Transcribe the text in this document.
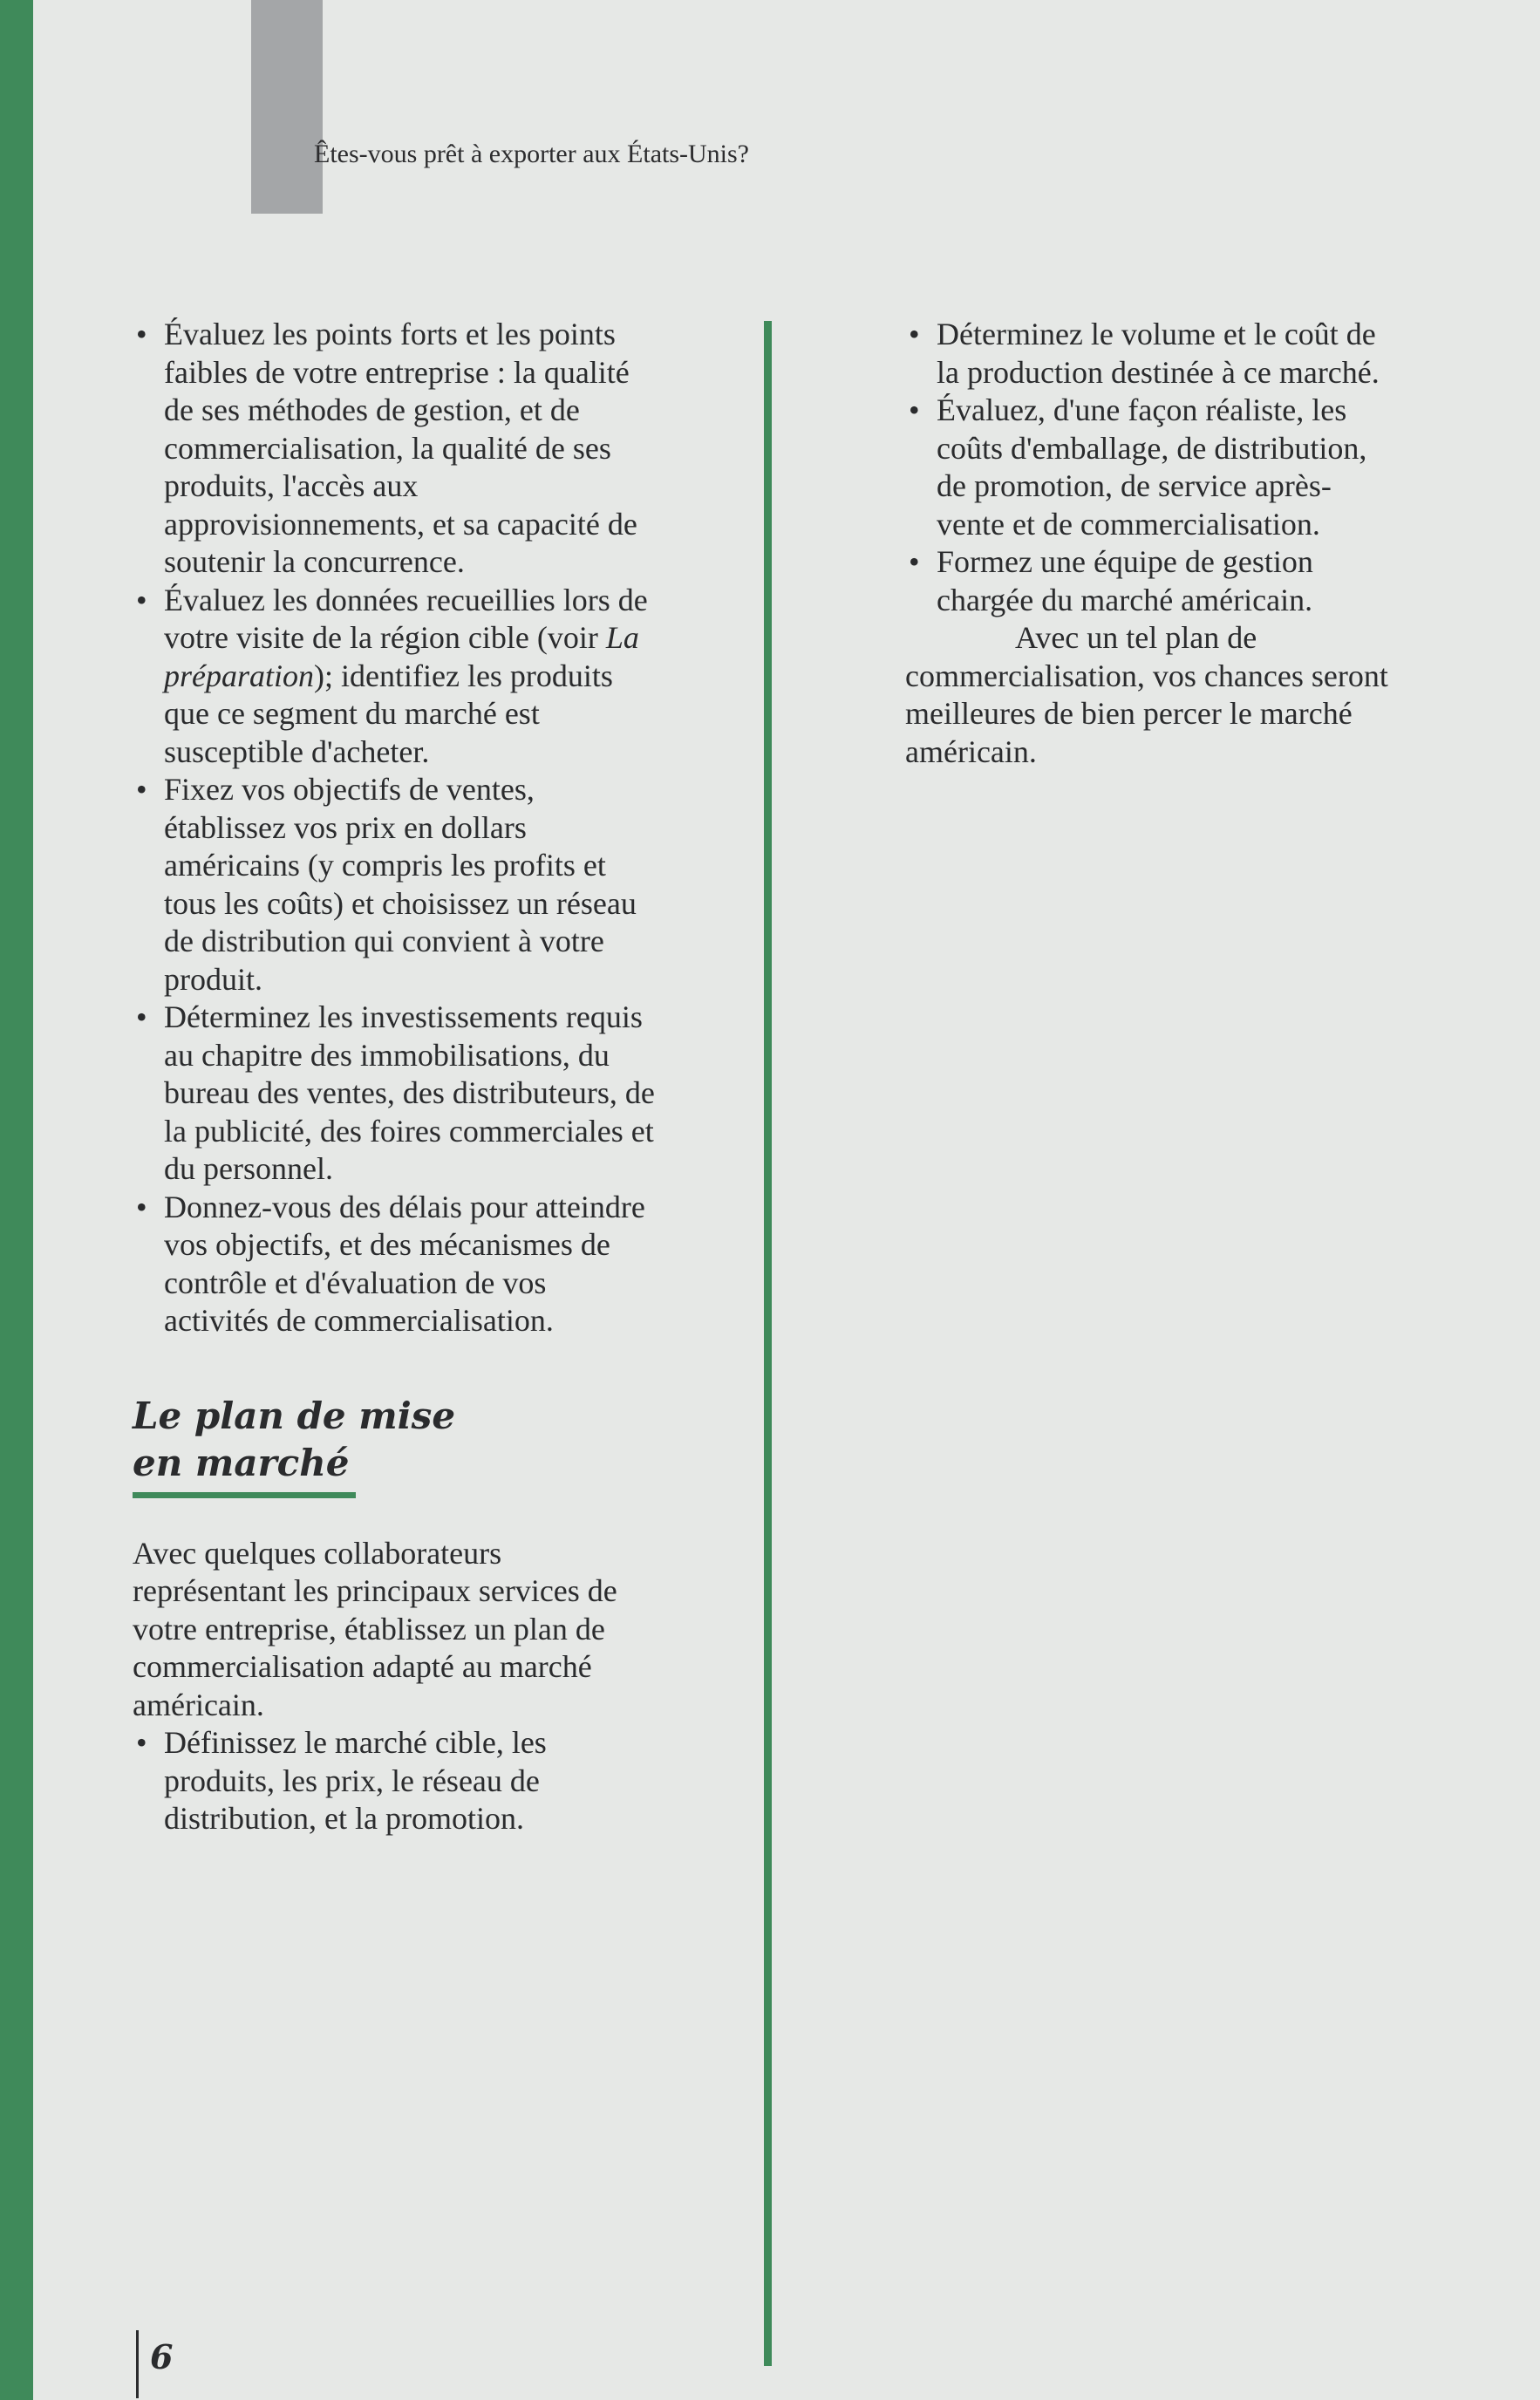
Êtes-vous prêt à exporter aux États-Unis?

• Évaluez les points forts et les points faibles de votre entreprise : la qualité de ses méthodes de gestion, et de commercialisation, la qualité de ses produits, l'accès aux approvisionnements, et sa capacité de soutenir la concurrence.

• Évaluez les données recueillies lors de votre visite de la région cible (voir La préparation); identifiez les produits que ce segment du marché est susceptible d'acheter.

• Fixez vos objectifs de ventes, établissez vos prix en dollars américains (y compris les profits et tous les coûts) et choisissez un réseau de distribution qui convient à votre produit.

• Déterminez les investissements requis au chapitre des immobilisations, du bureau des ventes, des distributeurs, de la publicité, des foires commerciales et du personnel.

• Donnez-vous des délais pour atteindre vos objectifs, et des mécanismes de contrôle et d'évaluation de vos activités de commercialisation.

Le plan de mise
en marché

Avec quelques collaborateurs représentant les principaux services de votre entreprise, établissez un plan de commercialisation adapté au marché américain.

• Définissez le marché cible, les produits, les prix, le réseau de distribution, et la promotion.

• Déterminez le volume et le coût de la production destinée à ce marché.

• Évaluez, d'une façon réaliste, les coûts d'emballage, de distribution, de promotion, de service après-vente et de commercialisation.

• Formez une équipe de gestion chargée du marché américain.

Avec un tel plan de commercialisation, vos chances seront meilleures de bien percer le marché américain.

6
